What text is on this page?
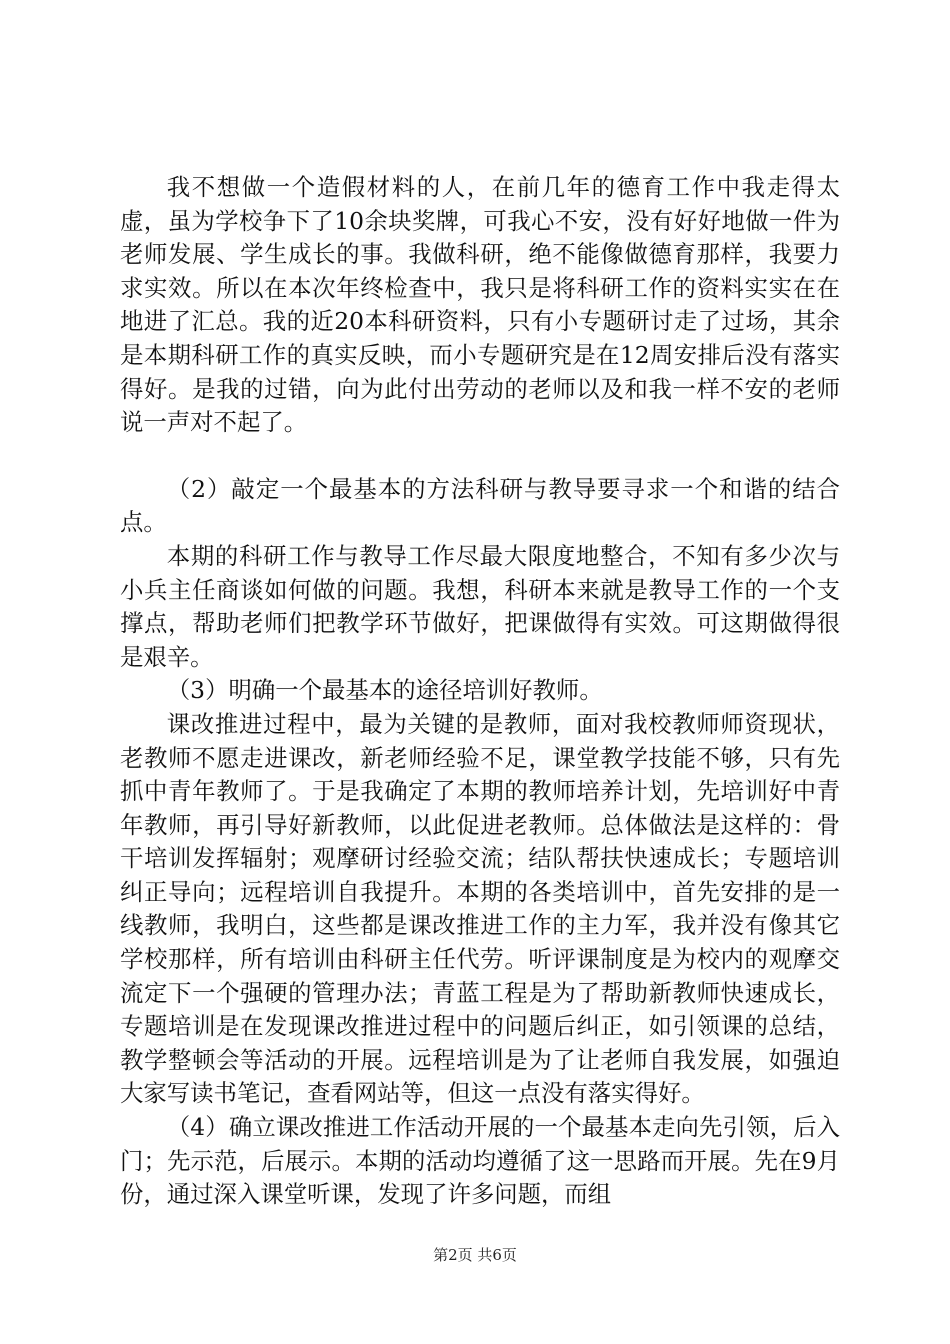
我不想做一个造假材料的人，在前几年的德育工作中我走得太虚，虽为学校争下了10余块奖牌，可我心不安，没有好好地做一件为老师发展、学生成长的事。我做科研，绝不能像做德育那样，我要力求实效。所以在本次年终检查中，我只是将科研工作的资料实实在在地进了汇总。我的近20本科研资料，只有小专题研讨走了过场，其余是本期科研工作的真实反映，而小专题研究是在12周安排后没有落实得好。是我的过错，向为此付出劳动的老师以及和我一样不安的老师说一声对不起了。

（2）敲定一个最基本的方法科研与教导要寻求一个和谐的结合点。

本期的科研工作与教导工作尽最大限度地整合，不知有多少次与小兵主任商谈如何做的问题。我想，科研本来就是教导工作的一个支撑点，帮助老师们把教学环节做好，把课做得有实效。可这期做得很是艰辛。

（3）明确一个最基本的途径培训好教师。

课改推进过程中，最为关键的是教师，面对我校教师师资现状，老教师不愿走进课改，新老师经验不足，课堂教学技能不够，只有先抓中青年教师了。于是我确定了本期的教师培养计划，先培训好中青年教师，再引导好新教师，以此促进老教师。总体做法是这样的：骨干培训发挥辐射；观摩研讨经验交流；结队帮扶快速成长；专题培训纠正导向；远程培训自我提升。本期的各类培训中，首先安排的是一线教师，我明白，这些都是课改推进工作的主力军，我并没有像其它学校那样，所有培训由科研主任代劳。听评课制度是为校内的观摩交流定下一个强硬的管理办法；青蓝工程是为了帮助新教师快速成长，专题培训是在发现课改推进过程中的问题后纠正，如引领课的总结，教学整顿会等活动的开展。远程培训是为了让老师自我发展，如强迫大家写读书笔记，查看网站等，但这一点没有落实得好。

（4）确立课改推进工作活动开展的一个最基本走向先引领，后入门；先示范，后展示。本期的活动均遵循了这一思路而开展。先在9月份，通过深入课堂听课，发现了许多问题，而组

第2页 共6页
